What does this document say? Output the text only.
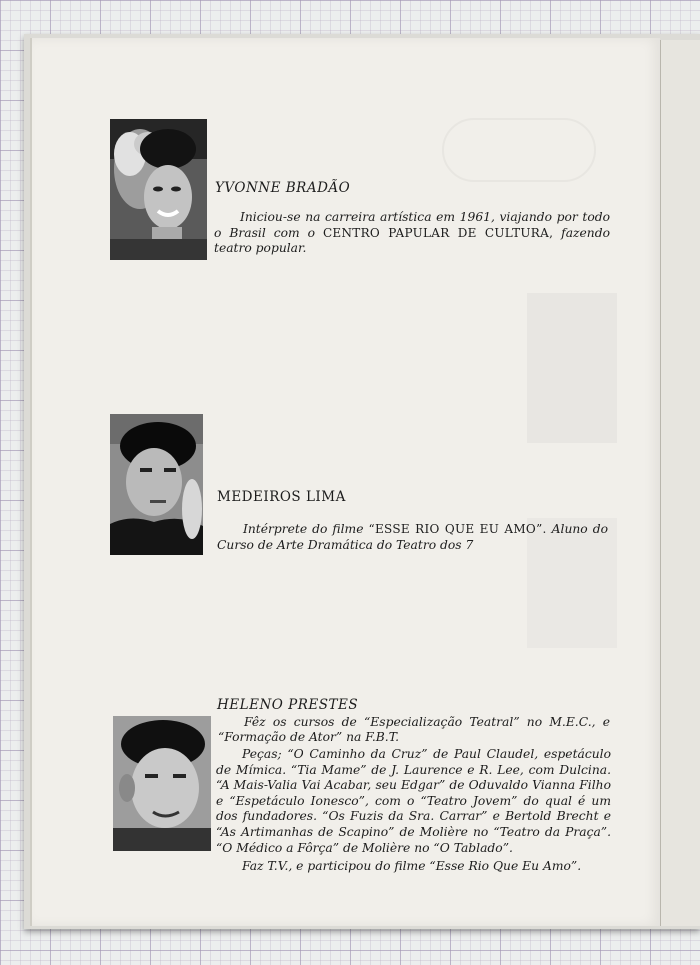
YVONNE BRADÃO

Iniciou-se na carreira artística em 1961, viajando por todo o Brasil com o CENTRO PAPULAR DE CULTURA, fazendo teatro popular.

MEDEIROS LIMA

Intérprete do filme “ESSE RIO QUE EU AMO”. Aluno do Curso de Arte Dramática do Teatro dos 7

HELENO PRESTES

Fêz os cursos de “Especialização Teatral” no M.E.C., e “Formação de Ator” na F.B.T.

Peças; “O Caminho da Cruz” de Paul Claudel, espetáculo de Mímica. “Tia Mame” de J. Laurence e R. Lee, com Dulcina. “A Mais-Valia Vai Acabar, seu Edgar” de Oduvaldo Vianna Filho e “Espetáculo Ionesco”, com o “Teatro Jovem” do qual é um dos fundadores. “Os Fuzis da Sra. Carrar” e Bertold Brecht e “As Artimanhas de Scapino” de Molière no “Teatro da Praça”. “O Médico a Fôrça” de Molière no “O Tablado”.

Faz T.V., e participou do filme “Esse Rio Que Eu Amo”.
